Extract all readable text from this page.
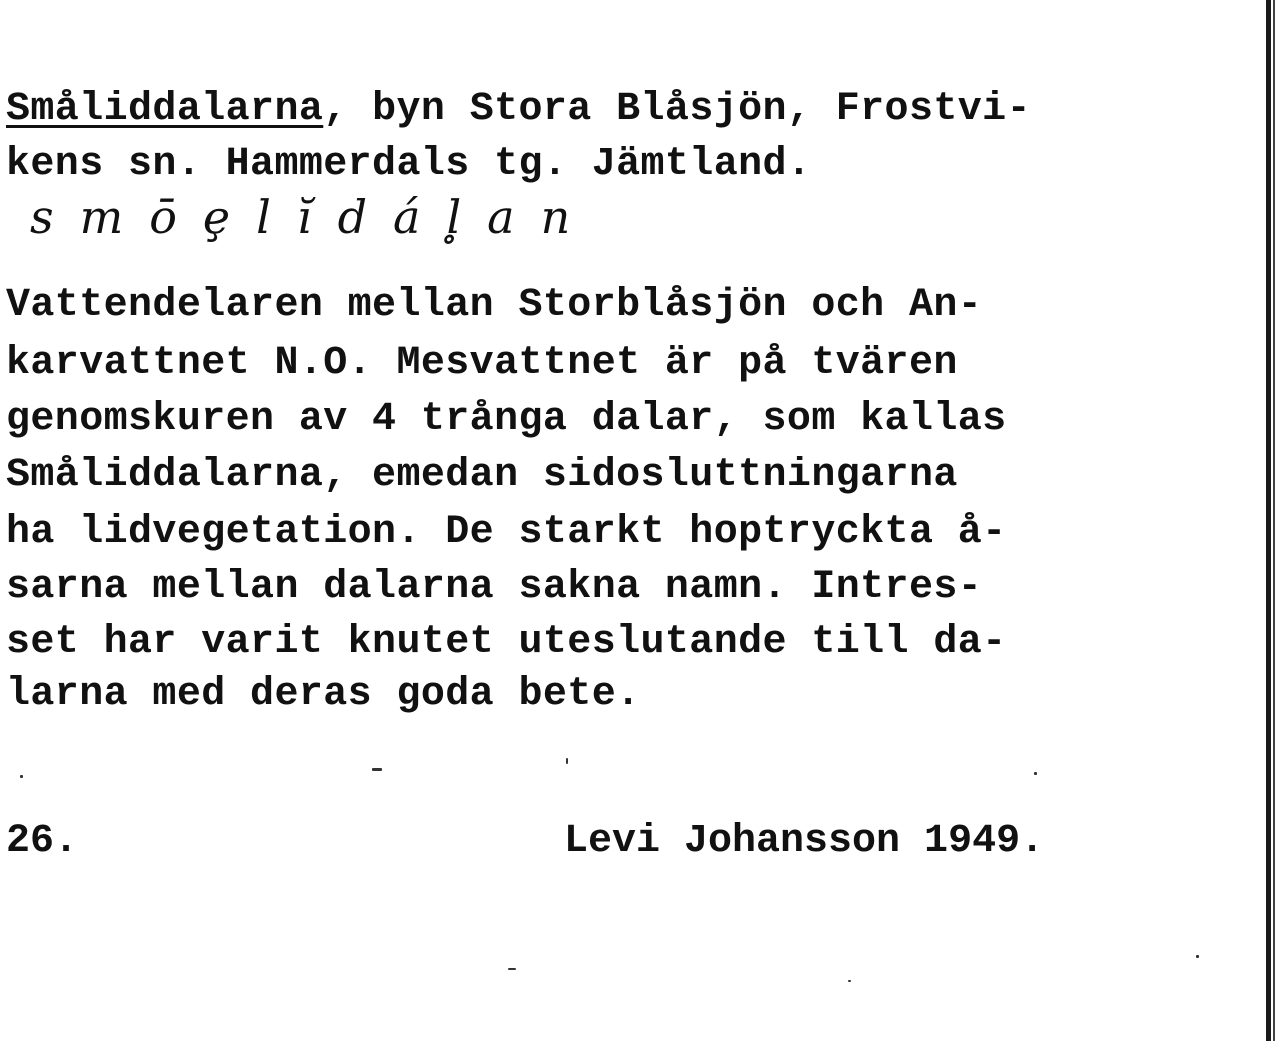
Småliddalarna, byn Stora Blåsjön, Frostvi-
kens sn. Hammerdals tg. Jämtland.
smōȩlĭdál̥an
Vattendelaren mellan Storblåsjön och An-
karvattnet N.O. Mesvattnet är på tvären
genomskuren av 4 trånga dalar, som kallas
Småliddalarna, emedan sidosluttningarna
ha lidvegetation. De starkt hoptryckta å-
sarna mellan dalarna sakna namn. Intres-
set har varit knutet uteslutande till da-
larna med deras goda bete.
26.	Levi Johansson 1949.
